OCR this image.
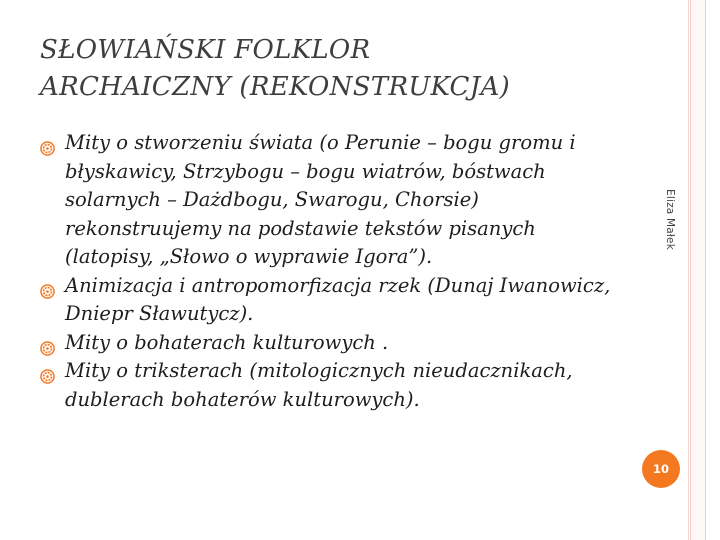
SŁOWIAŃSKI FOLKLOR
ARCHAICZNY (REKONSTRUKCJA)
Mity o stworzeniu świata (o Perunie – bogu gromu i błyskawicy, Strzybogu – bogu wiatrów, bóstwach solarnych – Dażdbogu, Swarogu, Chorsie) rekonstruujemy na podstawie tekstów pisanych (latopisy, „Słowo o wyprawie Igora”).
Animizacja i antropomorfizacja rzek (Dunaj Iwanowicz, Dniepr Sławutycz).
Mity o bohaterach kulturowych .
Mity o triksterach (mitologicznych nieudacznikach, dublerach bohaterów kulturowych).
Eliza Małek
10
